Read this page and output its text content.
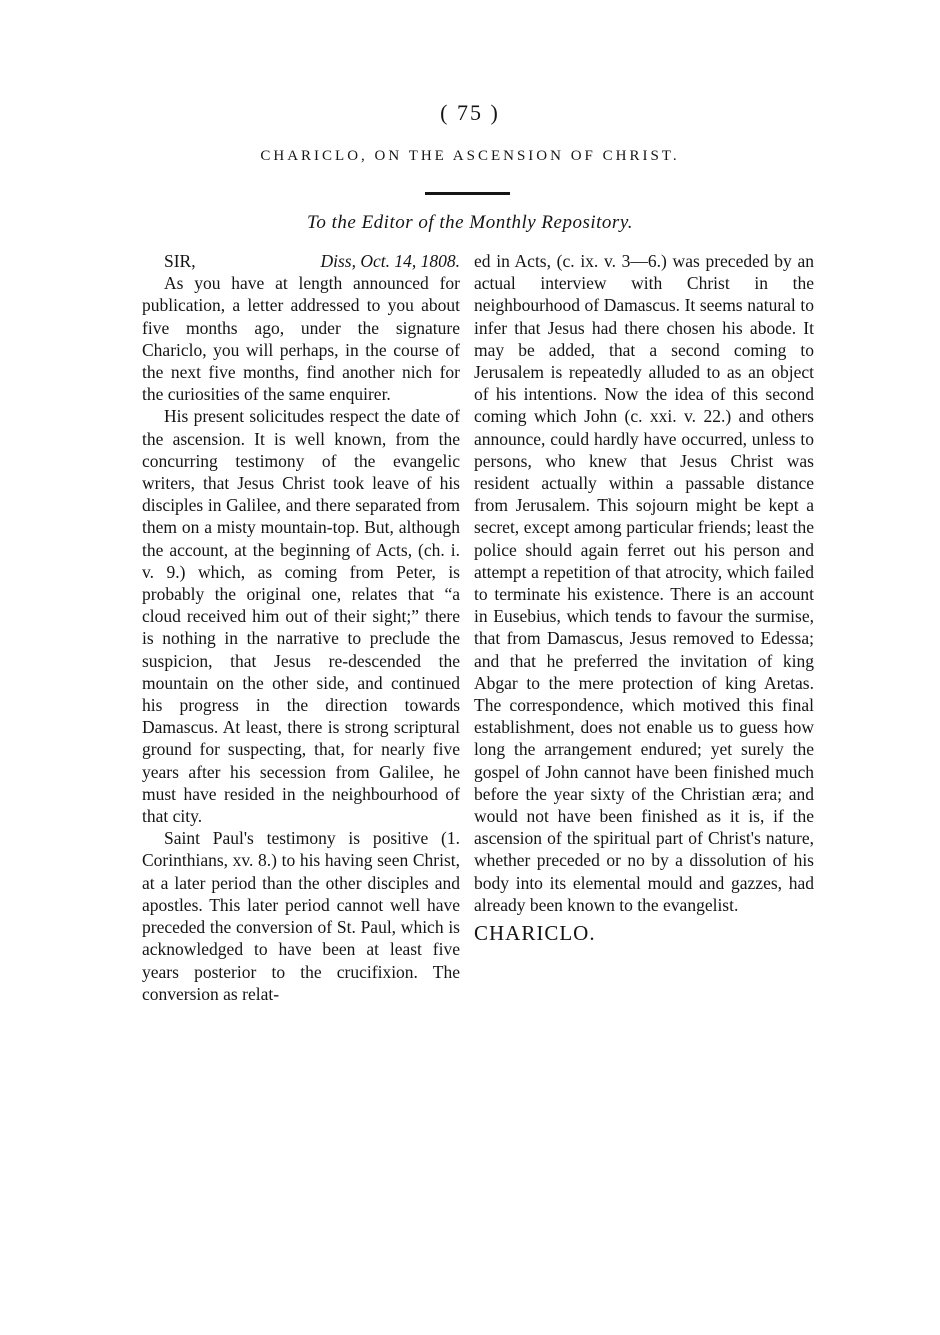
( 75 )
CHARICLO, ON THE ASCENSION OF CHRIST.
To the Editor of the Monthly Repository.
SIR,	Diss, Oct. 14, 1808.

As you have at length announced for publication, a letter addressed to you about five months ago, under the signature Chariclo, you will perhaps, in the course of the next five months, find another nich for the curiosities of the same enquirer.

His present solicitudes respect the date of the ascension. It is well known, from the concurring testimony of the evangelic writers, that Jesus Christ took leave of his disciples in Galilee, and there separated from them on a misty mountain-top. But, although the account, at the beginning of Acts, (ch. i. v. 9.) which, as coming from Peter, is probably the original one, relates that “a cloud received him out of their sight;” there is nothing in the narrative to preclude the suspicion, that Jesus re-descended the mountain on the other side, and continued his progress in the direction towards Damascus. At least, there is strong scriptural ground for suspecting, that, for nearly five years after his secession from Galilee, he must have resided in the neighbourhood of that city.

Saint Paul's testimony is positive (1. Corinthians, xv. 8.) to his having seen Christ, at a later period than the other disciples and apostles. This later period cannot well have preceded the conversion of St. Paul, which is acknowledged to have been at least five years posterior to the crucifixion. The conversion as relat-

ed in Acts, (c. ix. v. 3—6.) was preceded by an actual interview with Christ in the neighbourhood of Damascus. It seems natural to infer that Jesus had there chosen his abode. It may be added, that a second coming to Jerusalem is repeatedly alluded to as an object of his intentions. Now the idea of this second coming which John (c. xxi. v. 22.) and others announce, could hardly have occurred, unless to persons, who knew that Jesus Christ was resident actually within a passable distance from Jerusalem. This sojourn might be kept a secret, except among particular friends; least the police should again ferret out his person and attempt a repetition of that atrocity, which failed to terminate his existence. There is an account in Eusebius, which tends to favour the surmise, that from Damascus, Jesus removed to Edessa; and that he preferred the invitation of king Abgar to the mere protection of king Aretas. The correspondence, which motived this final establishment, does not enable us to guess how long the arrangement endured; yet surely the gospel of John cannot have been finished much before the year sixty of the Christian æra; and would not have been finished as it is, if the ascension of the spiritual part of Christ's nature, whether preceded or no by a dissolution of his body into its elemental mould and gazzes, had already been known to the evangelist.

CHARICLO.
